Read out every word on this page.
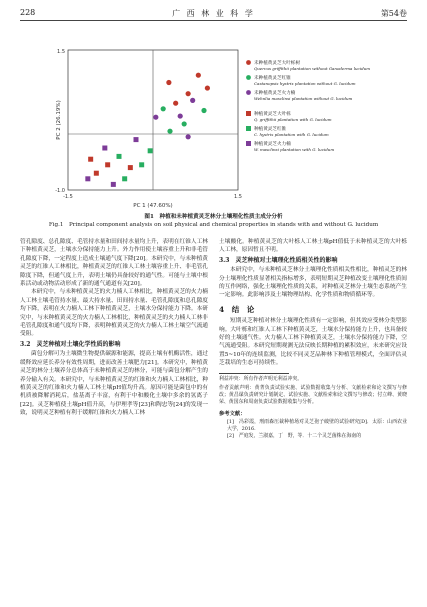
228	广 西 林 业 科 学	第54卷
-1.5	1.5
-1.0
1.5
PC 1 (47.60%)
PC 2 (26.19%)
未种植黄灵芝大叶栎树
Quercus griffithii plantation without Ganoderma lucidum
未种植黄灵芝红锥
Castanopsis hystrix plantation without G. lucidum
未种植黄灵芝火力楠
Wehnlia masclinsi plantation without G. lucidum
种植黄灵芝大叶栎
Q. griffithii plantation with G. lucidum
种植黄灵芝红锥
C. hystrix plantation with G. lucidum
种植黄灵芝火力楠
W. masclinsi plantation with G. lucidum
图1　种植和未种植黄灵芝林分土壤理化性质主成分分析
Fig.1　Principal component analysis on soil physical and chemical properties in stands with and without G. lucidum

管孔隙度、总孔隙度、毛管持水量和田间持水量均上升，表明在红锥人工林下种植黄灵芝，土壤水分保持能力上升。外力作用使土壤容重上升和非毛管孔隙度下降，一定程度上造成土壤通气度下降[20]。本研究中，与未种植黄灵芝的红锥人工林相比，种植黄灵芝的红锥人工林土壤容重上升、非毛管孔隙度下降，但通气度上升，表明土壤仍具备较好的通气性。可能与土壤中根系活动或动物活动形成了新的通气通道有关[20]。

本研究中，与未种植黄灵芝的火力楠人工林相比，种植黄灵芝的火力楠人工林土壤毛管持水量、最大持水量、田间持水量、毛管孔隙度和总孔隙度均下降，表明在火力楠人工林下种植黄灵芝，土壤水分保持能力下降。本研究中，与未种植黄灵芝的火力楠人工林相比，种植黄灵芝的火力楠人工林非毛管孔隙度和通气度均下降，表明种植黄灵芝的火力楠人工林土壤空气流通受阻。

3.2　灵芝种植对土壤化学性质的影响

菌包分解可为土壤微生物提供碳源和能源，提高土壤有机酶活性，通过缓释效应延长养分有效性周期，进而改善土壤肥力[21]。本研究中，种植黄灵芝的林分土壤养分总体高于未种植黄灵芝的林分，可能与菌包分解产生的养分输入有关。本研究中，与未种植黄灵芝的红锥和火力楠人工林相比，种植黄灵芝的红锥和火力楠人工林土壤pH值均升高。原因可能是菌包中的有机质被降解消耗后，盐基离子丰富，有利于中和酸化土壤中多余的氢离子[22]。灵芝种植使土壤pH值升高，与伊理孝等[23]和陶忠等[24]的发现一致，说明灵芝种植有利于缓解红锥和火力楠人工林

土壤酸化。种植黄灵芝的大叶栎人工林土壤pH值低于未种植灵芝的大叶栎人工林，原因暂且不明。

3.3　灵芝种植对土壤理化性质相关性的影响

本研究中，与未种植灵芝林分土壤理化性质相关性相比，种植灵芝的林分土壤理化性质显著相关指标增多，表明短期灵芝种植改变土壤理化性质间的互作网络，强化土壤理化性质的关系，对种植灵芝林分土壤生态系统产生一定影响。此影响涉及土壤物理结构、化学性质和物质循环等。

4　结　论

短期灵芝种植对林分土壤理化性质有一定影响，但其效应受林分类型影响。大叶栎和红锥人工林下种植黄灵芝，土壤水分保持能力上升，也具备较好的土壤通气性。火力楠人工林下种植黄灵芝，土壤水分保持能力下降，空气流通受阻。本研究短期观测无法反映长期种植的累积效应，未来研究应设置5~10年的连续监测，比较不同灵芝品种林下种植管理模式，全面评估灵芝栽培的生态可持续性。

利益冲突：所有作者声明无利益冲突。

作者贡献声明：黄菁负责试验实施、试验数据收集与分析、文献检索和论文撰写与修改；黄昌谋负责研究计划制定、试验实施、文献检索和论文撰写与修改；付立峰、黄晓荣、黄国东和周南负责试验数据收集与分析。

参考文献：

[1]　冯彩霞，刑雨森压裁种植场对灵芝孢子破壁的试验研究[D]．太原：山西农业大学，2016.

[2]　严庭发，兰淑嘉，丁　野，等．十二个灵芝菌株在海南的
